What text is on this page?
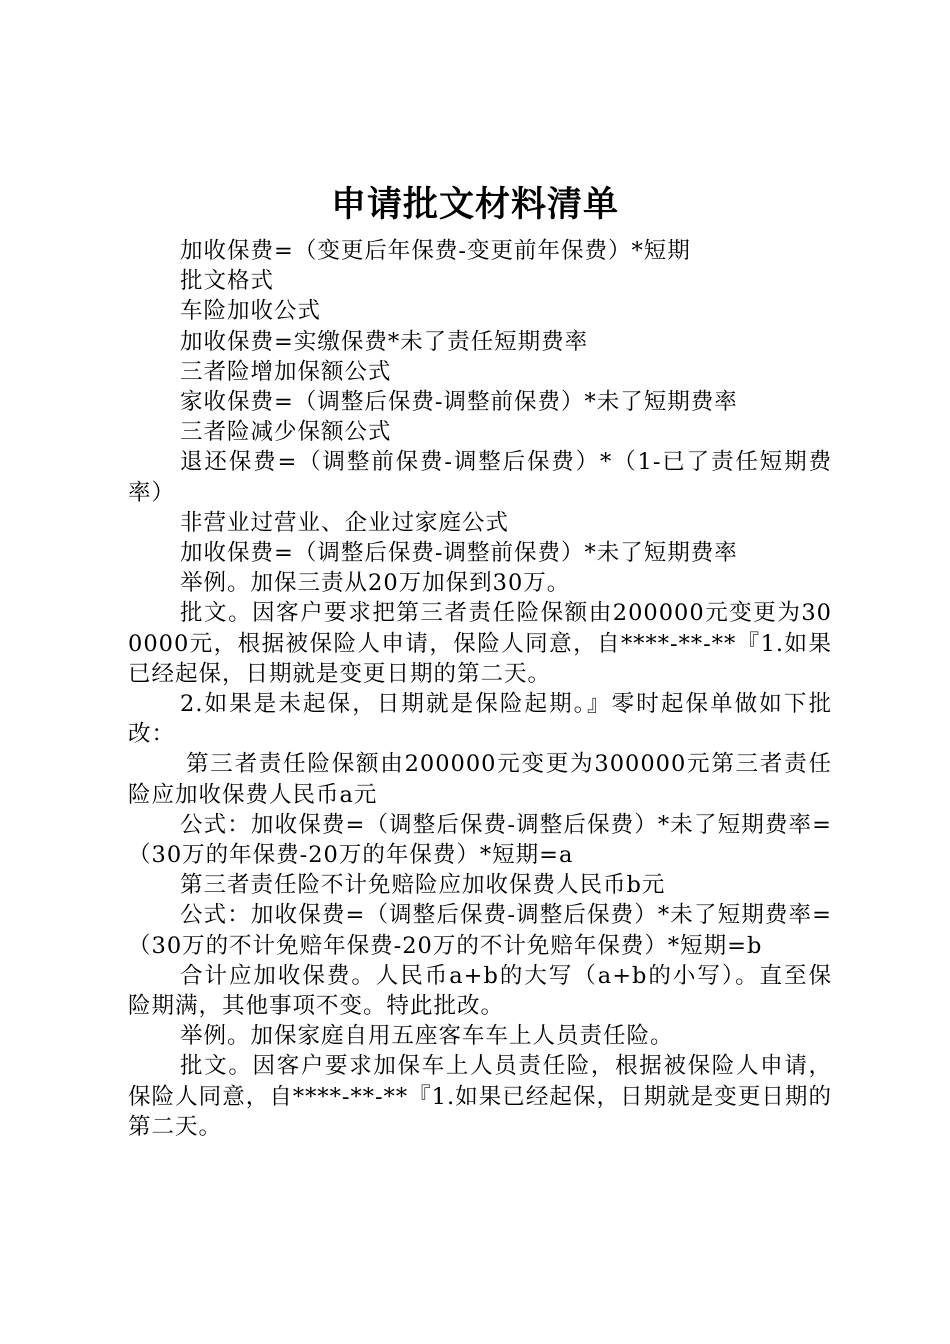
申请批文材料清单

加收保费=（变更后年保费-变更前年保费）*短期

批文格式

车险加收公式

加收保费=实缴保费*未了责任短期费率

三者险增加保额公式

家收保费=（调整后保费-调整前保费）*未了短期费率

三者险减少保额公式

退还保费=（调整前保费-调整后保费）*（1-已了责任短期费率）

非营业过营业、企业过家庭公式

加收保费=（调整后保费-调整前保费）*未了短期费率

举例。加保三责从20万加保到30万。

批文。因客户要求把第三者责任险保额由200000元变更为300000元，根据被保险人申请，保险人同意，自****-**-**『1.如果已经起保，日期就是变更日期的第二天。

2.如果是未起保，日期就是保险起期。』零时起保单做如下批改：

第三者责任险保额由200000元变更为300000元第三者责任险应加收保费人民币a元

公式：加收保费=（调整后保费-调整后保费）*未了短期费率=（30万的年保费-20万的年保费）*短期=a

第三者责任险不计免赔险应加收保费人民币b元

公式：加收保费=（调整后保费-调整后保费）*未了短期费率=（30万的不计免赔年保费-20万的不计免赔年保费）*短期=b

合计应加收保费。人民币a+b的大写（a+b的小写）。直至保险期满，其他事项不变。特此批改。

举例。加保家庭自用五座客车车上人员责任险。

批文。因客户要求加保车上人员责任险，根据被保险人申请，保险人同意，自****-**-**『1.如果已经起保，日期就是变更日期的第二天。
